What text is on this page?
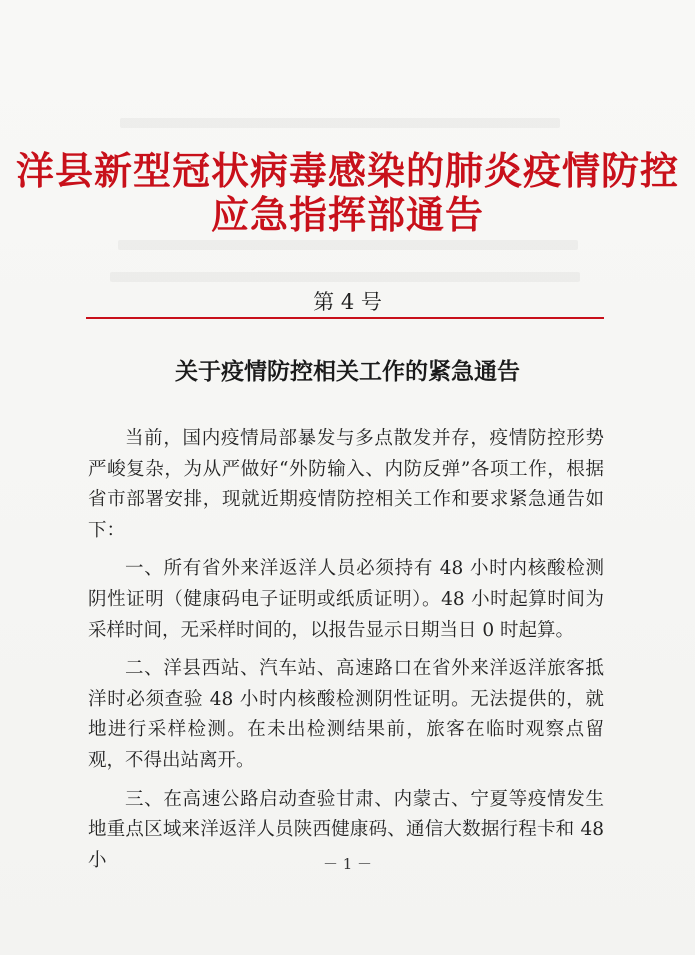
洋县新型冠状病毒感染的肺炎疫情防控
应急指挥部通告
第 4 号
关于疫情防控相关工作的紧急通告

当前，国内疫情局部暴发与多点散发并存，疫情防控形势严峻复杂，为从严做好“外防输入、内防反弹”各项工作，根据省市部署安排，现就近期疫情防控相关工作和要求紧急通告如下：

一、所有省外来洋返洋人员必须持有 48 小时内核酸检测阴性证明（健康码电子证明或纸质证明）。48 小时起算时间为采样时间，无采样时间的，以报告显示日期当日 0 时起算。

二、洋县西站、汽车站、高速路口在省外来洋返洋旅客抵洋时必须查验 48 小时内核酸检测阴性证明。无法提供的，就地进行采样检测。在未出检测结果前，旅客在临时观察点留观，不得出站离开。

三、在高速公路启动查验甘肃、内蒙古、宁夏等疫情发生地重点区域来洋返洋人员陕西健康码、通信大数据行程卡和 48 小	－ 1 －
